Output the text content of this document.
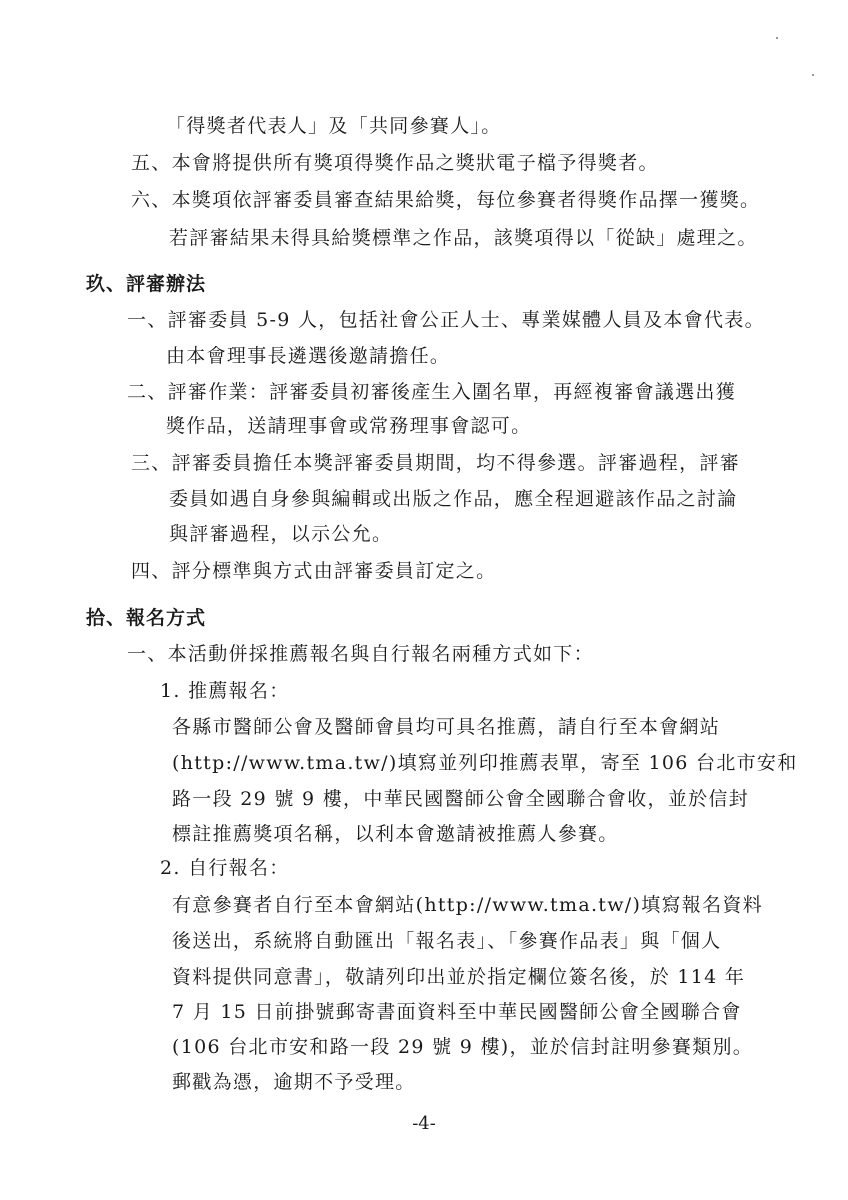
「得獎者代表人」及「共同參賽人」。
五、本會將提供所有獎項得獎作品之獎狀電子檔予得獎者。
六、本獎項依評審委員審查結果給獎，每位參賽者得獎作品擇一獲獎。
若評審結果未得具給獎標準之作品，該獎項得以「從缺」處理之。
玖、評審辦法
一、評審委員 5-9 人，包括社會公正人士、專業媒體人員及本會代表。
由本會理事長遴選後邀請擔任。
二、評審作業：評審委員初審後產生入圍名單，再經複審會議選出獲
獎作品，送請理事會或常務理事會認可。
三、評審委員擔任本獎評審委員期間，均不得參選。評審過程，評審
委員如遇自身參與編輯或出版之作品，應全程迴避該作品之討論
與評審過程，以示公允。
四、評分標準與方式由評審委員訂定之。
拾、報名方式
一、本活動併採推薦報名與自行報名兩種方式如下：
1. 推薦報名：
各縣市醫師公會及醫師會員均可具名推薦，請自行至本會網站
(http://www.tma.tw/)填寫並列印推薦表單，寄至 106 台北市安和
路一段 29 號 9 樓，中華民國醫師公會全國聯合會收，並於信封
標註推薦獎項名稱，以利本會邀請被推薦人參賽。
2. 自行報名：
有意參賽者自行至本會網站(http://www.tma.tw/)填寫報名資料
後送出，系統將自動匯出「報名表」、「參賽作品表」與「個人
資料提供同意書」，敬請列印出並於指定欄位簽名後，於 114 年
7 月 15 日前掛號郵寄書面資料至中華民國醫師公會全國聯合會
(106 台北市安和路一段 29 號 9 樓)，並於信封註明參賽類別。
郵戳為憑，逾期不予受理。
-4-
